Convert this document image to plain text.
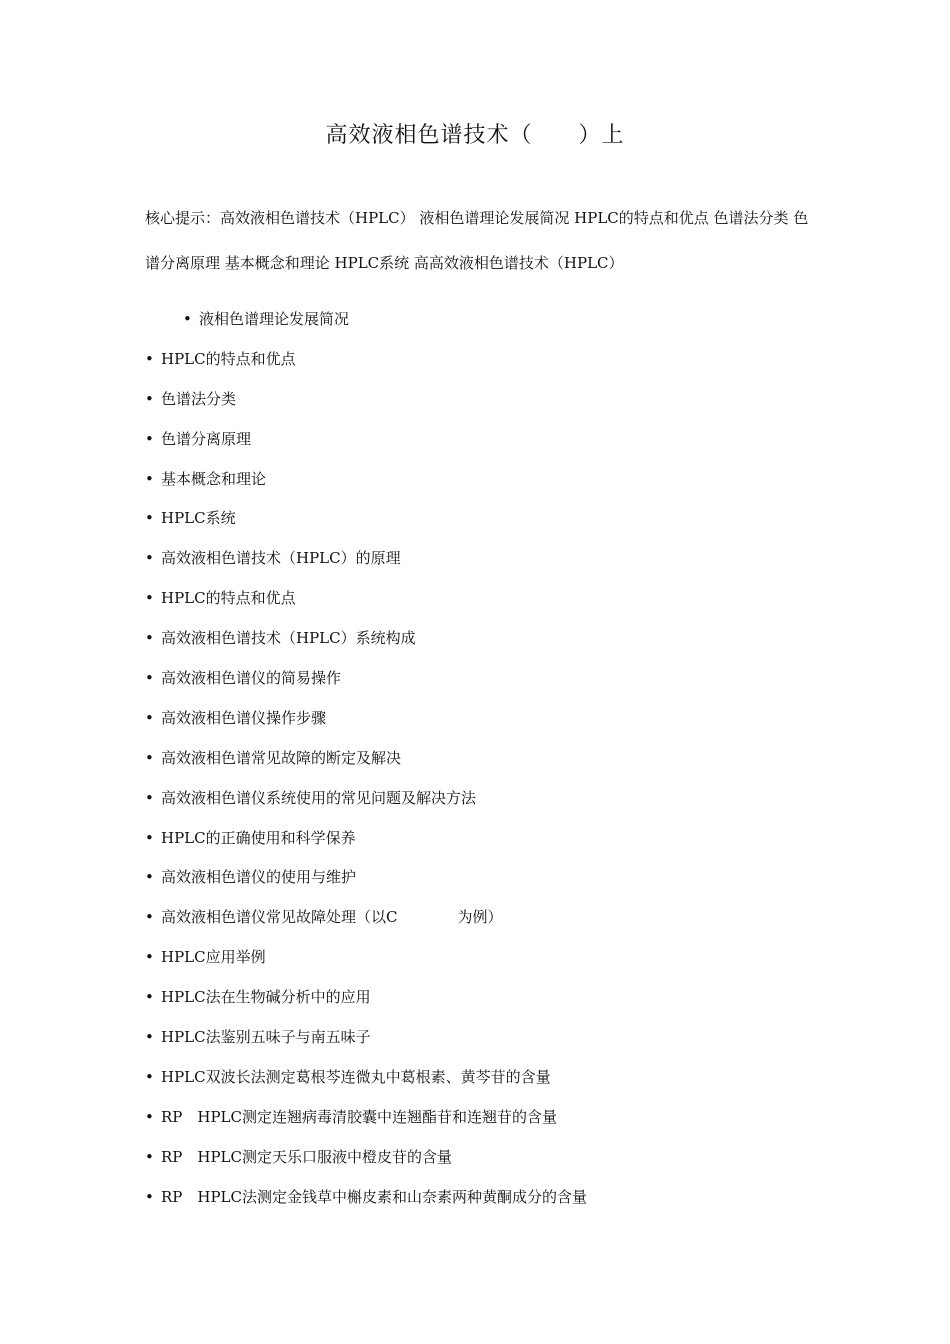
高效液相色谱技术（　　）上

核心提示：高效液相色谱技术（HPLC） 液相色谱理论发展简况 HPLC的特点和优点 色谱法分类 色谱分离原理 基本概念和理论 HPLC系统 高高效液相色谱技术（HPLC）

• 液相色谱理论发展简况
• HPLC的特点和优点
• 色谱法分类
• 色谱分离原理
• 基本概念和理论
• HPLC系统
• 高效液相色谱技术（HPLC）的原理
• HPLC的特点和优点
• 高效液相色谱技术（HPLC）系统构成
• 高效液相色谱仪的简易操作
• 高效液相色谱仪操作步骤
• 高效液相色谱常见故障的断定及解决
• 高效液相色谱仪系统使用的常见问题及解决方法
• HPLC的正确使用和科学保养
• 高效液相色谱仪的使用与维护
• 高效液相色谱仪常见故障处理（以C　　　　为例）
• HPLC应用举例
• HPLC法在生物碱分析中的应用
• HPLC法鉴别五味子与南五味子
• HPLC双波长法测定葛根芩连微丸中葛根素、黄芩苷的含量
• RP　HPLC测定连翘病毒清胶囊中连翘酯苷和连翘苷的含量
• RP　HPLC测定天乐口服液中橙皮苷的含量
• RP　HPLC法测定金钱草中槲皮素和山奈素两种黄酮成分的含量
